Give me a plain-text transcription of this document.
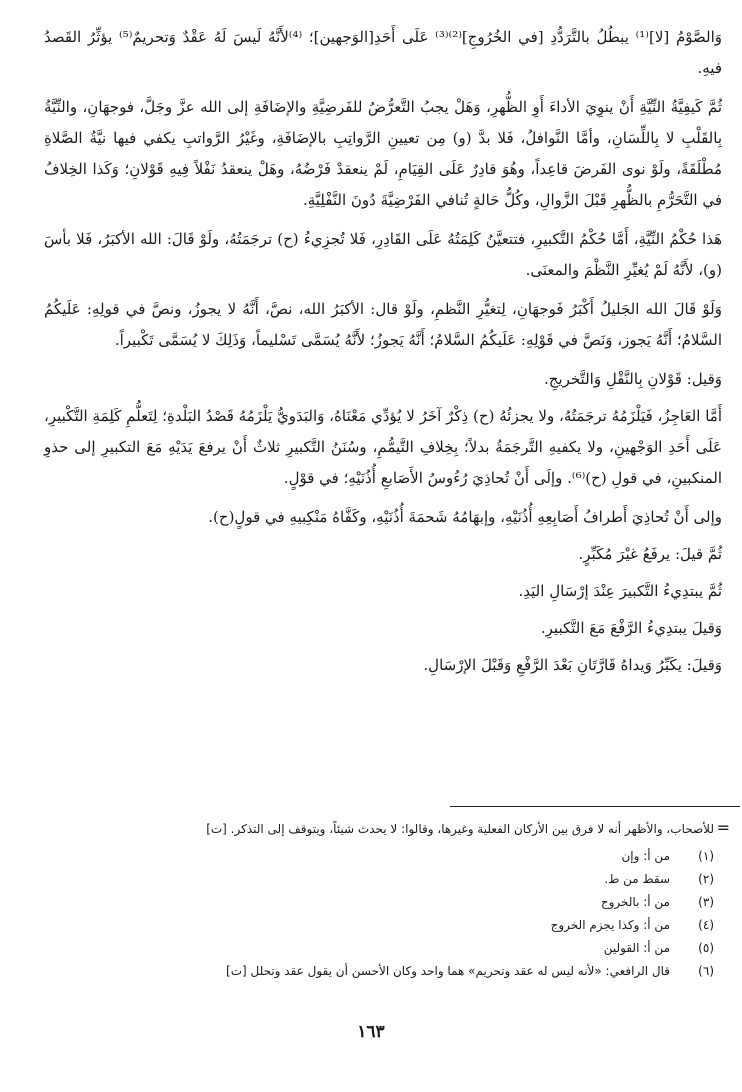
وَالصَّوْمُ [لا]⁽¹⁾ يبطُلُ بالتَّرَدُّدِ [في الخُرُوجِ]⁽²⁾⁽³⁾ عَلَى أَحَدِ[الوَجهين]؛ ⁽⁴⁾لأَنَّهُ لَيسَ لَهُ عَقْدٌ وَتحريمٌ⁽⁵⁾ يؤثِّرُ القَصدُ فيهِ.

ثُمَّ كَيفِيَّةُ النِّيَّةِ أَنْ ينوِيَ الأداءَ أَوِ الظُّهرِ، وَهَلْ يجبُ التَّعرُّضُ للفَرضِيَّةِ والإضَافَةِ إلى الله عزَّ وجَلَّ، فوجهَانِ، والنِّيَّةُ بِالقَلْبِ لا بِاللِّسَانِ، وأمَّا النَّوافلُ، فَلا بدَّ (و) مِن تعيينِ الرَّواتِبِ بالإضَافَةِ، وغَيْرُ الرَّواتبِ يكفي فيها نيَّةُ الصَّلاةِ مُطْلَقَةً، ولَوْ نوى الفَرضَ قاعِداً، وهُوَ قادِرٌ عَلَى القِيَامِ، لَمْ ينعقدْ فَرْضُهُ، وهَلْ ينعقدُ نَفْلاً فِيهِ قَوْلانِ؛ وَكَذا الخِلافُ في التَّحَرُّمِ بالظُّهرِ قَبْلَ الزَّوالِ، وكُلُّ حَالةٍ تُنافي الفَرْضِيَّةَ دُونَ النَّفْلِيَّةِ.

هَذا حُكْمُ النِّيَّةِ، أَمَّا حُكْمُ التَّكبيرِ، فتتعيَّنُ كَلِمَتُهُ عَلَى القَادِرِ، فَلا تُجزِيءُ (ح) ترجَمَتُهُ، ولَوْ قَالَ: الله الأكبَرُ، فَلا بأسَ (و)، لأَنَّهُ لَمْ يُغيِّرِ النَّظْمَ والمعنَى.

وَلَوْ قَالَ الله الجَليلُ أَكْبَرُ فَوجهَانِ، لِتغيُّرِ النَّظمِ، ولَوْ قال: الأكبَرُ الله، نصَّ، أَنَّهُ لا يجوزُ، ونصَّ في قولِهِ: عَلَيكُمُ السَّلامُ؛ أَنَّهُ يَجوز، وَنَصَّ في قَوْلِهِ: عَلَيكُمُ السَّلامُ؛ أَنَّهُ يَجوزُ؛ لأَنَّهُ يُسَمَّى تَسْليماً، وَذَلِكَ لا يُسَمَّى تَكْبيراً.

وَقيل: قَوْلانِ بِالنَّقْلِ وَالتَّخريجِ.

أَمَّا العَاجِزُ، فَيَلْزَمُهُ ترجَمَتُهُ، ولا يجزئُهُ (ح) ذِكْرٌ آخَرُ لا يُؤدِّي مَعْنَاهُ، وَالبَدَويُّ يَلْزَمُهُ قَصْدُ البَلْدةِ؛ لِتَعلُّمِ كَلِمَةِ التَّكْبيرِ، عَلَى أَحَدِ الوَجْهينِ، ولا يكفيهِ التَّرجَمَةُ بدلاً؛ بِخِلافِ التَّيمُّمِ، وسُنَنُ التَّكبيرِ ثلاثٌ أَنْ يرفعَ يَدَيْهِ مَعَ التكبيرِ إلى حذوِ المنكبينِ، في قولِ (ح)⁽⁶⁾. وإلَى أَنْ تُحاذِيَ رُءُوسُ الأَصَابعِ أُذُنَيْهِ؛ في قوْلٍ.

وإلى أَنْ تُحاذِيَ أَطرافُ أَصَابِعِهِ أُذُنَيْهِ، وإبهَامُهُ شَحمَةَ أُذُنَيْهِ، وكَفَّاهُ مَنْكِبيهِ في قولٍ(ح).

ثُمَّ قيلَ: يرفَعُ غيْرَ مُكَبِّرٍ.

ثُمَّ يبتدِيءُ التَّكبيرَ عِنْدَ إرْسَالِ اليَدِ.

وَقيلَ يبتدِيءُ الرَّفْعَ مَعَ التَّكبيرِ.

وَقيلَ: يكَبِّرُ وَيداهُ قَارَّتَانِ بَعْدَ الرَّفْعِ وَقَبْلَ الإرْسَالِ.

=

للأصحاب، والأظهر أنه لا فرق بين الأركان الفعلية وغيرها، وقالوا: لا يحدث شيئاً، ويتوقف إلى التذكر. [ت]

(١)
من أ: وإن
(٢)
سقط من ط.
(٣)
من أ: بالخروج
(٤)
من أ: وكذا يجزم الخروج
(٥)
من أ: القولين
(٦)
قال الرافعي: «لأنه ليس له عقد وتحريم» هما واحد وكان الأحسن أن يقول عقد وتحلل [ت]
١٦٣
